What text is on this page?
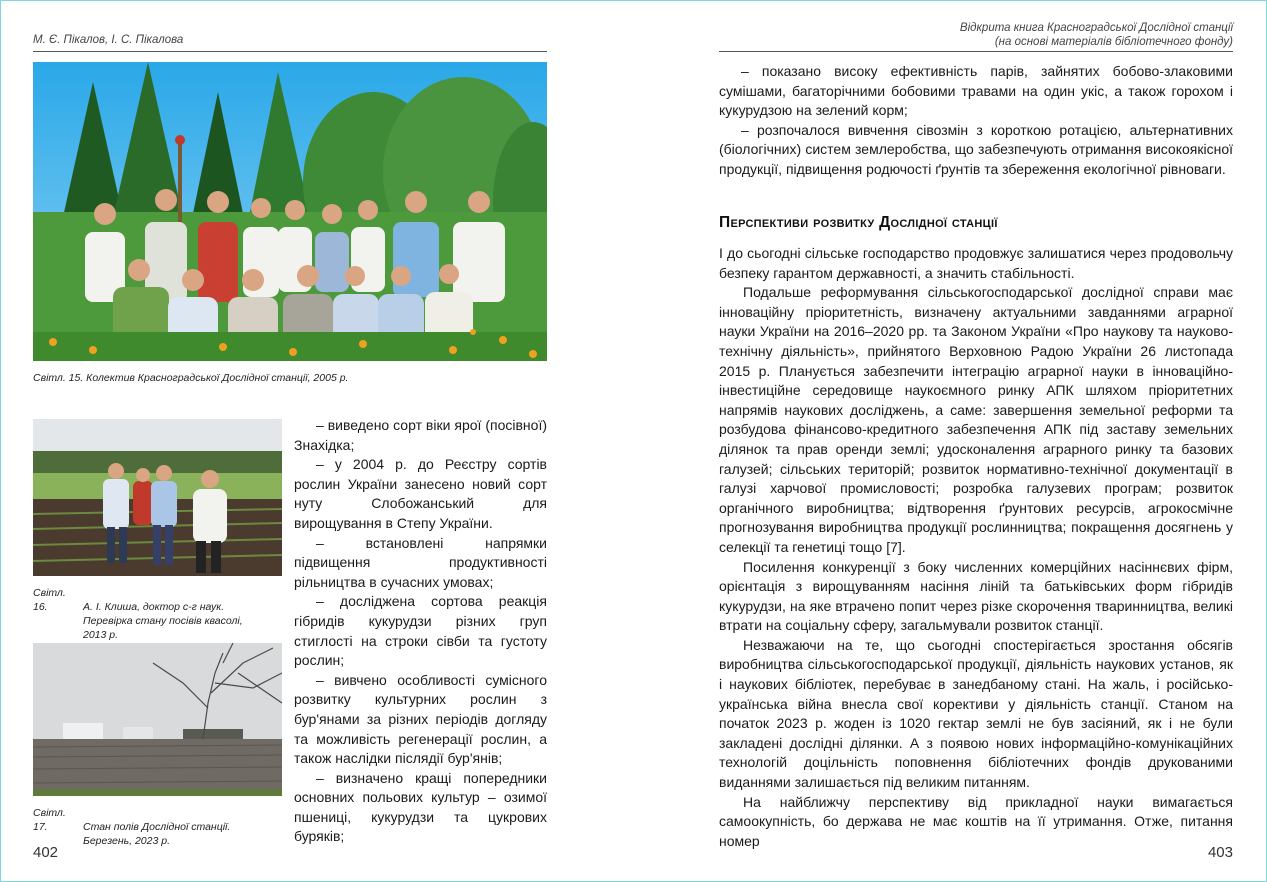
М. Є. Пікалов, І. С. Пікалова
Світл. 15. Колектив Красноградської Дослідної станції, 2005 р.
Світл. 16.	А. І. Клиша, доктор с-г наук.
Перевірка стану посівів квасолі,
2013 р.
Світл. 17.	Стан полів Дослідної станції.
Березень, 2023 р.

– виведено сорт віки ярої (посівної) Знахідка;

– у 2004 р. до Реєстру сортів рослин України занесено новий сорт нуту Слобожанський для вирощування в Степу України.

– встановлені напрямки підвищення продуктивності рільництва в сучасних умовах;

– досліджена сортова реакція гібридів кукурудзи різних груп стиглості на строки сівби та густоту рослин;

– вивчено особливості сумісного розвитку культурних рослин з бур'янами за різних періодів догляду та можливість регенерації рослин, а також наслідки післядії бур'янів;

– визначено кращі попередники основних польових культур – озимої пшениці, кукурудзи та цукрових буряків;

402
Відкрита книга Красноградської Дослідної станції
(на основі матеріалів бібліотечного фонду)

– показано високу ефективність парів, зайнятих бобово-злаковими сумішами, багаторічними бобовими травами на один укіс, а також горохом і кукурудзою на зелений корм;

– розпочалося вивчення сівозмін з короткою ротацією, альтернативних (біологічних) систем землеробства, що забезпечують отримання високоякісної продукції, підвищення родючості ґрунтів та збереження екологічної рівноваги.

Перспективи розвитку Дослідної станції

І до сьогодні сільське господарство продовжує залишатися через продовольчу безпеку гарантом державності, а значить стабільності.

Подальше реформування сільськогосподарської дослідної справи має інноваційну пріоритетність, визначену актуальними завданнями аграрної науки України на 2016–2020 рр. та Законом України «Про наукову та науково-технічну діяльність», прийнятого Верховною Радою України 26 листопада 2015 р. Планується забезпечити інтеграцію аграрної науки в інноваційно-інвестиційне середовище наукоємного ринку АПК шляхом пріоритетних напрямів наукових досліджень, а саме: завершення земельної реформи та розбудова фінансово-кредитного забезпечення АПК під заставу земельних ділянок та прав оренди землі; удосконалення аграрного ринку та базових галузей; сільських територій; розвиток нормативно-технічної документації в галузі харчової промисловості; розробка галузевих програм; розвиток органічного виробництва; відтворення ґрунтових ресурсів, агрокосмічне прогнозування виробництва продукції рослинництва; покращення досягнень у селекції та генетиці тощо [7].

Посилення конкуренції з боку численних комерційних насіннєвих фірм, орієнтація з вирощуванням насіння ліній та батьківських форм гібридів кукурудзи, на яке втрачено попит через різке скорочення тваринництва, великі втрати на соціальну сферу, загальмували розвиток станції.

Незважаючи на те, що сьогодні спостерігається зростання обсягів виробництва сільськогосподарської продукції, діяльність наукових установ, як і наукових бібліотек, перебуває в занедбаному стані. На жаль, і російсько-українська війна внесла свої корективи у діяльність станції. Станом на початок 2023 р. жоден із 1020 гектар землі не був засіяний, як і не були закладені дослідні ділянки. А з появою нових інформаційно-комунікаційних технологій доцільність поповнення бібліотечних фондів друкованими виданнями залишається під великим питанням.

На найближчу перспективу від прикладної науки вимагається самоокупність, бо держава не має коштів на її утримання. Отже, питання номер

403
